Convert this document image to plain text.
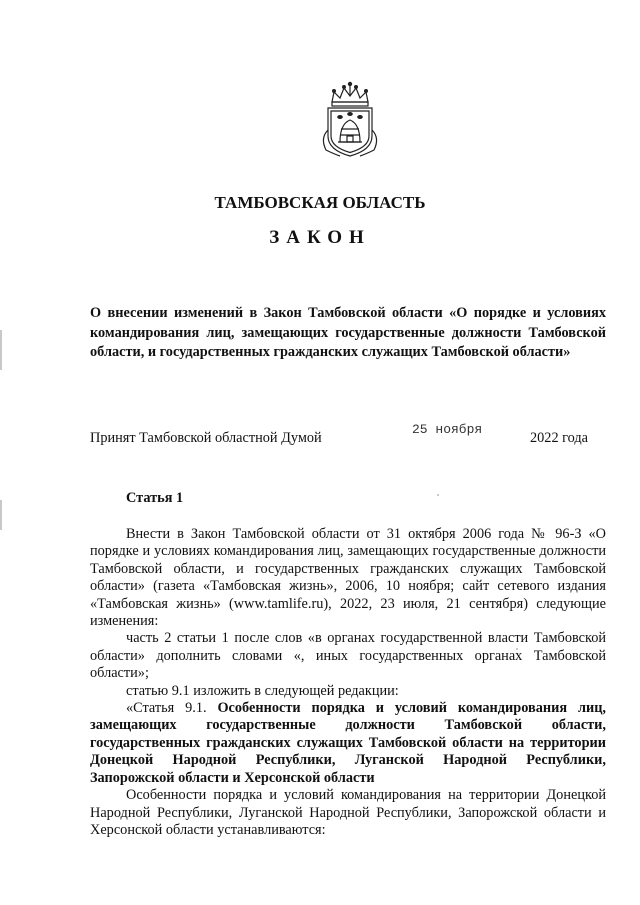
ТАМБОВСКАЯ ОБЛАСТЬ
ЗАКОН
О внесении изменений в Закон Тамбовской области «О порядке и условиях командирования лиц, замещающих государственные должности Тамбовской области, и государственных гражданских служащих Тамбовской области»
Принят Тамбовской областной Думой
25 ноября
2022 года
Статья 1

Внести в Закон Тамбовской области от 31 октября 2006 года № 96-З «О порядке и условиях командирования лиц, замещающих государственные должности Тамбовской области, и государственных гражданских служащих Тамбовской области» (газета «Тамбовская жизнь», 2006, 10 ноября; сайт сетевого издания «Тамбовская жизнь» (www.tamlife.ru), 2022, 23 июля, 21 сентября) следующие изменения:

часть 2 статьи 1 после слов «в органах государственной власти Тамбовской области» дополнить словами «, иных государственных органах Тамбовской области»;

статью 9.1 изложить в следующей редакции:

«Статья 9.1. Особенности порядка и условий командирования лиц, замещающих государственные должности Тамбовской области, государственных гражданских служащих Тамбовской области на территории Донецкой Народной Республики, Луганской Народной Республики, Запорожской области и Херсонской области

Особенности порядка и условий командирования на территории Донецкой Народной Республики, Луганской Народной Республики, Запорожской области и Херсонской области устанавливаются:
